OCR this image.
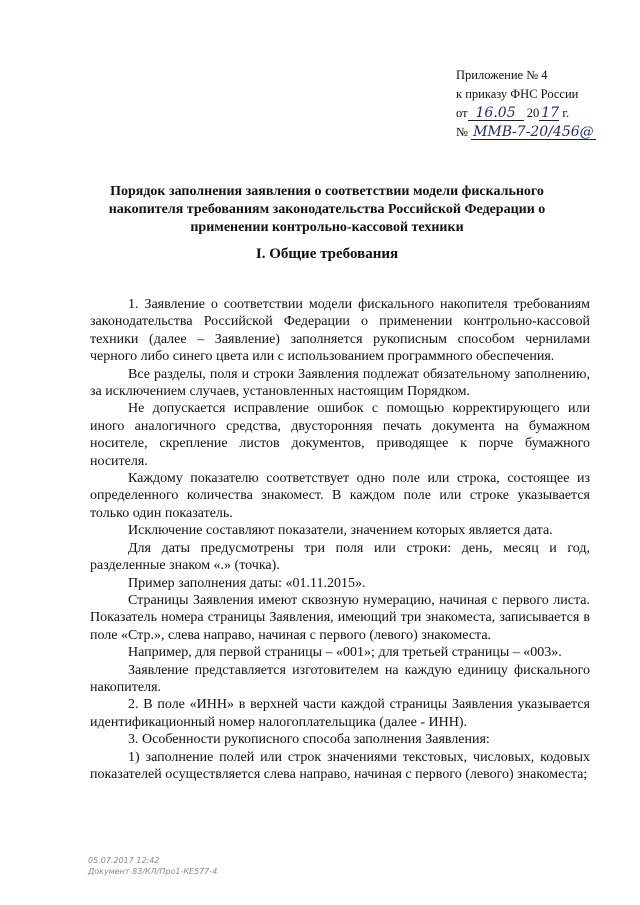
Приложение № 4
к приказу ФНС России
от 16.05 20 17 г.
№ ММВ-7-20/456@
Порядок заполнения заявления о соответствии модели фискального накопителя требованиям законодательства Российской Федерации о применении контрольно-кассовой техники
I. Общие требования

1. Заявление о соответствии модели фискального накопителя требованиям законодательства Российской Федерации о применении контрольно-кассовой техники (далее – Заявление) заполняется рукописным способом чернилами черного либо синего цвета или с использованием программного обеспечения.

Все разделы, поля и строки Заявления подлежат обязательному заполнению, за исключением случаев, установленных настоящим Порядком.

Не допускается исправление ошибок с помощью корректирующего или иного аналогичного средства, двусторонняя печать документа на бумажном носителе, скрепление листов документов, приводящее к порче бумажного носителя.

Каждому показателю соответствует одно поле или строка, состоящее из определенного количества знакомест. В каждом поле или строке указывается только один показатель.

Исключение составляют показатели, значением которых является дата.

Для даты предусмотрены три поля или строки: день, месяц и год, разделенные знаком «.» (точка).

Пример заполнения даты: «01.11.2015».

Страницы Заявления имеют сквозную нумерацию, начиная с первого листа. Показатель номера страницы Заявления, имеющий три знакоместа, записывается в поле «Стр.», слева направо, начиная с первого (левого) знакоместа.

Например, для первой страницы – «001»; для третьей страницы – «003».

Заявление представляется изготовителем на каждую единицу фискального накопителя.

2. В поле «ИНН» в верхней части каждой страницы Заявления указывается идентификационный номер налогоплательщика (далее - ИНН).

3. Особенности рукописного способа заполнения Заявления:

1) заполнение полей или строк значениями текстовых, числовых, кодовых показателей осуществляется слева направо, начиная с первого (левого) знакоместа;

05.07.2017 12:42
Документ 83/КЛ/Про1-КЕ577-4
